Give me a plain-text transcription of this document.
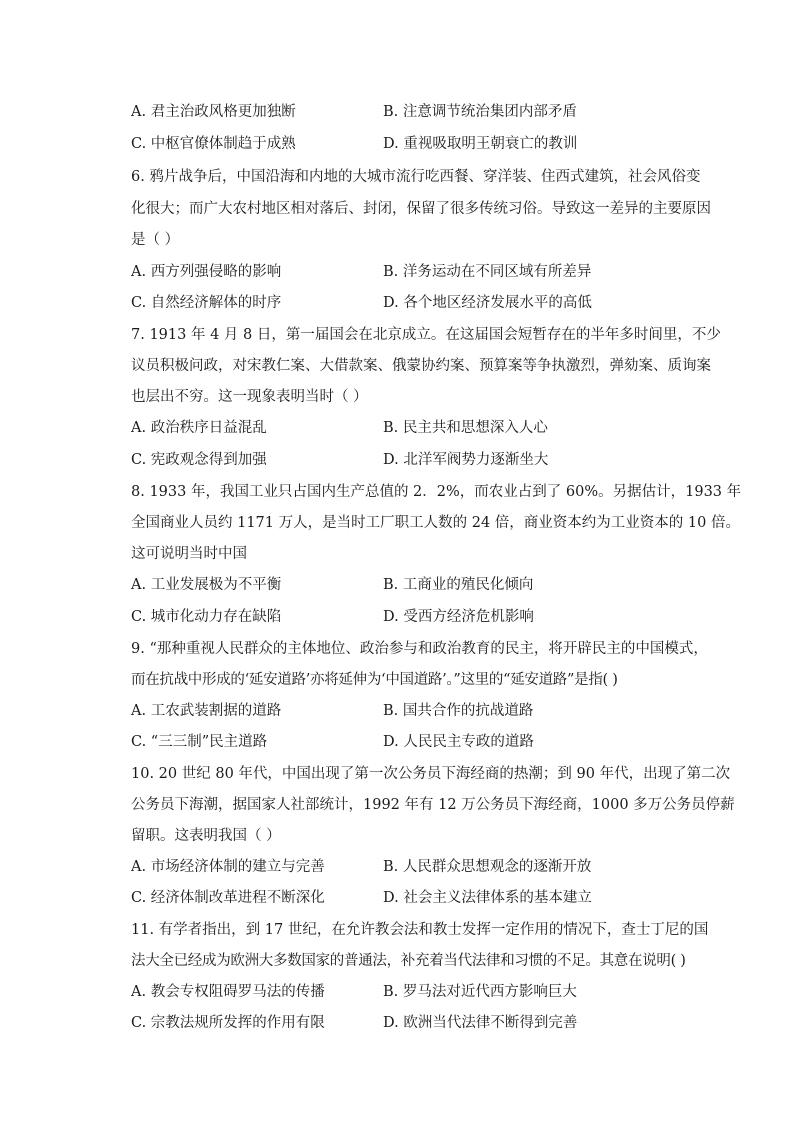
A. 君主治政风格更加独断	B. 注意调节统治集团内部矛盾
C. 中枢官僚体制趋于成熟	D. 重视吸取明王朝衰亡的教训
6. 鸦片战争后，中国沿海和内地的大城市流行吃西餐、穿洋装、住西式建筑，社会风俗变
化很大；而广大农村地区相对落后、封闭，保留了很多传统习俗。导致这一差异的主要原因
是（ ）
A. 西方列强侵略的影响	B. 洋务运动在不同区域有所差异
C. 自然经济解体的时序	D. 各个地区经济发展水平的高低
7. 1913 年 4 月 8 日，第一届国会在北京成立。在这届国会短暂存在的半年多时间里，不少
议员积极问政，对宋教仁案、大借款案、俄蒙协约案、预算案等争执激烈，弹劾案、质询案
也层出不穷。这一现象表明当时（ ）
A. 政治秩序日益混乱	B. 民主共和思想深入人心
C. 宪政观念得到加强	D. 北洋军阀势力逐渐坐大
8. 1933 年，我国工业只占国内生产总值的 2．2%，而农业占到了 60%。另据估计，1933 年
全国商业人员约 1171 万人，是当时工厂职工人数的 24 倍，商业资本约为工业资本的 10 倍。
这可说明当时中国
A. 工业发展极为不平衡	B. 工商业的殖民化倾向
C. 城市化动力存在缺陷	D. 受西方经济危机影响
9. “那种重视人民群众的主体地位、政治参与和政治教育的民主，将开辟民主的中国模式，
而在抗战中形成的‘延安道路’亦将延伸为‘中国道路’。”这里的“延安道路”是指( )
A. 工农武装割据的道路	B. 国共合作的抗战道路
C. “三三制”民主道路	D. 人民民主专政的道路
10. 20 世纪 80 年代，中国出现了第一次公务员下海经商的热潮；到 90 年代，出现了第二次
公务员下海潮，据国家人社部统计，1992 年有 12 万公务员下海经商，1000 多万公务员停薪
留职。这表明我国（ ）
A. 市场经济体制的建立与完善	B. 人民群众思想观念的逐渐开放
C. 经济体制改革进程不断深化	D. 社会主义法律体系的基本建立
11. 有学者指出，到 17 世纪，在允许教会法和教士发挥一定作用的情况下，查士丁尼的国
法大全已经成为欧洲大多数国家的普通法，补充着当代法律和习惯的不足。其意在说明( )
A. 教会专权阻碍罗马法的传播	B. 罗马法对近代西方影响巨大
C. 宗教法规所发挥的作用有限	D. 欧洲当代法律不断得到完善
